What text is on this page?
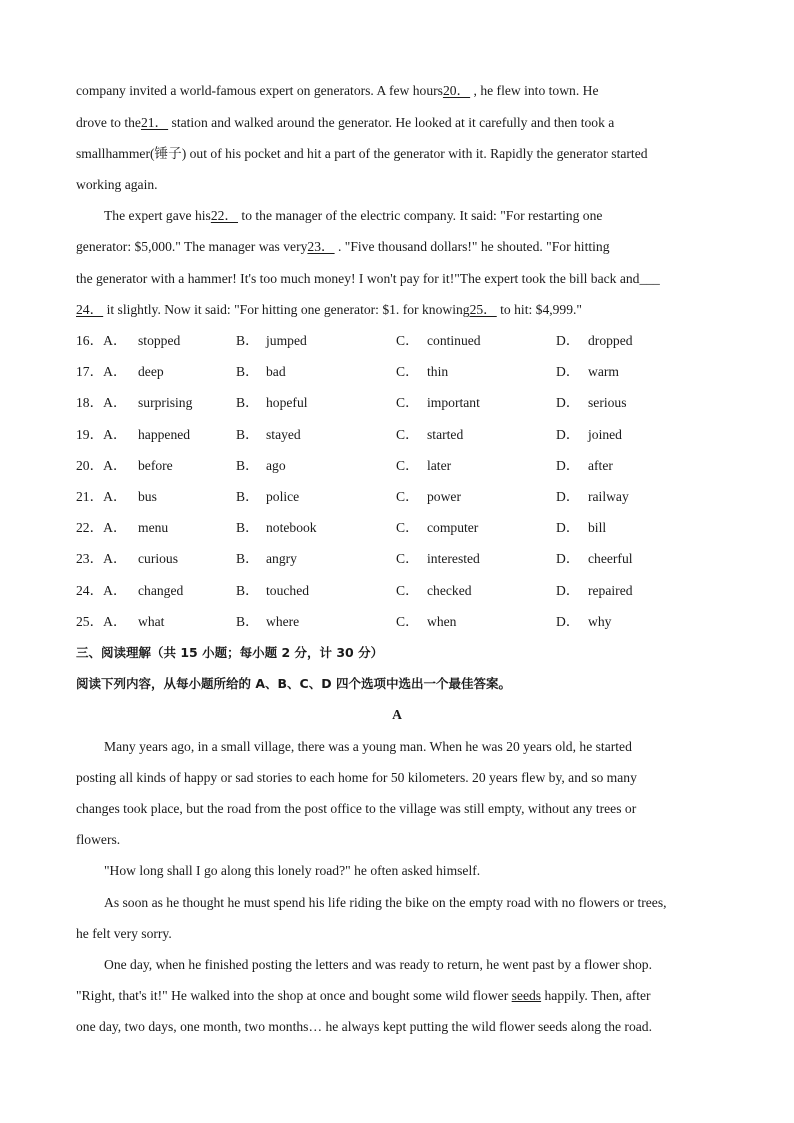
company invited a world-famous expert on generators. A few hours20． , he flew into town. He
drove to the21． station and walked around the generator. He looked at it carefully and then took a
smallhammer(锤子) out of his pocket and hit a part of the generator with it. Rapidly the generator started
working again.
The expert gave his22． to the manager of the electric company. It said: "For restarting one
generator: $5,000." The manager was very23． . "Five thousand dollars!" he shouted. "For hitting
the generator with a hammer! It's too much money! I won't pay for it!"The expert took the bill back and___
24． it slightly. Now it said: "For hitting one generator: $1. for knowing25． to hit: $4,999."
16．A． stopped	B． jumped	C． continued	D． dropped
17．A． deep	B． bad	C． thin	D． warm
18．A． surprising	B． hopeful	C． important	D． serious
19．A． happened	B． stayed	C． started	D． joined
20．A． before	B． ago	C． later	D． after
21．A． bus	B． police	C． power	D． railway
22．A． menu	B． notebook	C． computer	D． bill
23．A． curious	B． angry	C． interested	D． cheerful
24．A． changed	B． touched	C． checked	D． repaired
25．A． what	B． where	C． when	D． why
三、阅读理解（共 15 小题；每小题 2 分，计 30 分）
阅读下列内容，从每小题所给的 A、B、C、D 四个选项中选出一个最佳答案。
A
Many years ago, in a small village, there was a young man. When he was 20 years old, he started
posting all kinds of happy or sad stories to each home for 50 kilometers. 20 years flew by, and so many
changes took place, but the road from the post office to the village was still empty, without any trees or
flowers.
"How long shall I go along this lonely road?" he often asked himself.
As soon as he thought he must spend his life riding the bike on the empty road with no flowers or trees,
he felt very sorry.
One day, when he finished posting the letters and was ready to return, he went past by a flower shop.
"Right, that's it!" He walked into the shop at once and bought some wild flower seeds happily. Then, after
one day, two days, one month, two months… he always kept putting the wild flower seeds along the road.
